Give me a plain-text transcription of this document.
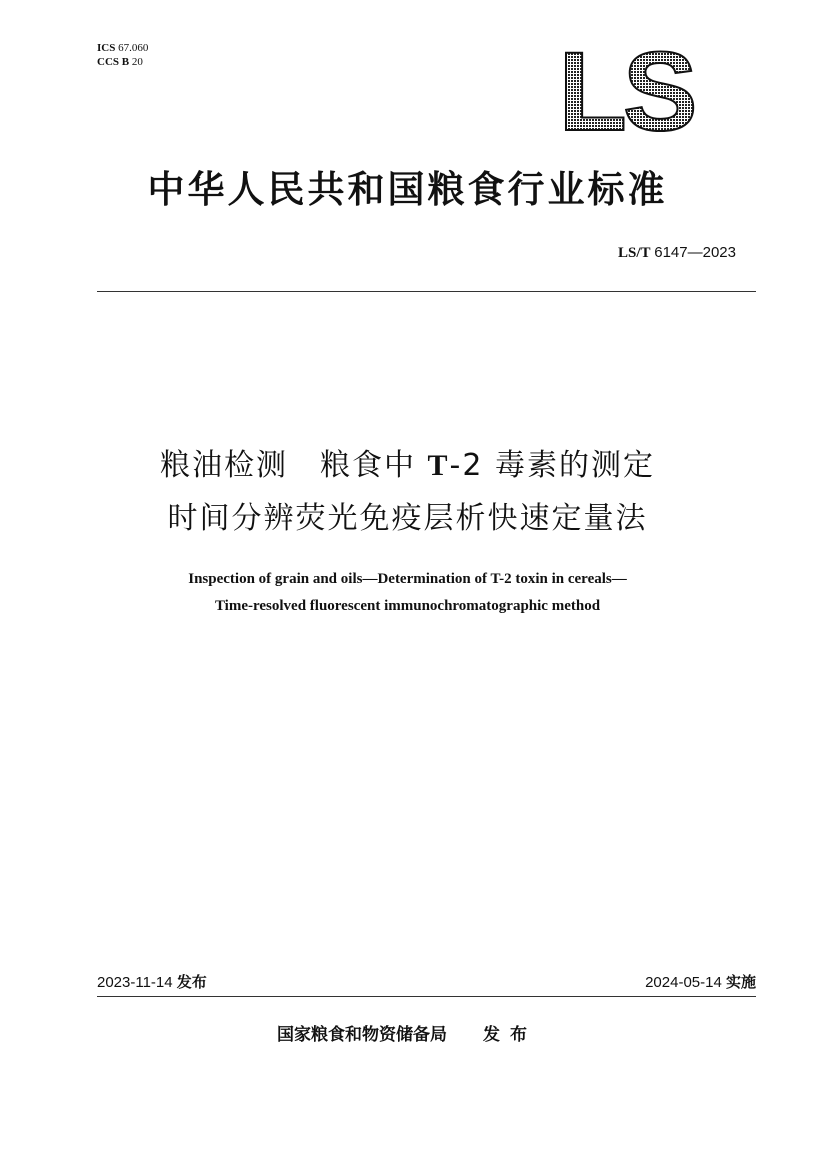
ICS 67.060
CCS B 20	LS
中华人民共和国粮食行业标准
LS/T 6147—2023
粮油检测  粮食中 T-2 毒素的测定
时间分辨荧光免疫层析快速定量法
Inspection of grain and oils—Determination of T-2 toxin in cereals—
Time-resolved fluorescent immunochromatographic method
2023-11-14 发布	2024-05-14 实施
国家粮食和物资储备局 发布
